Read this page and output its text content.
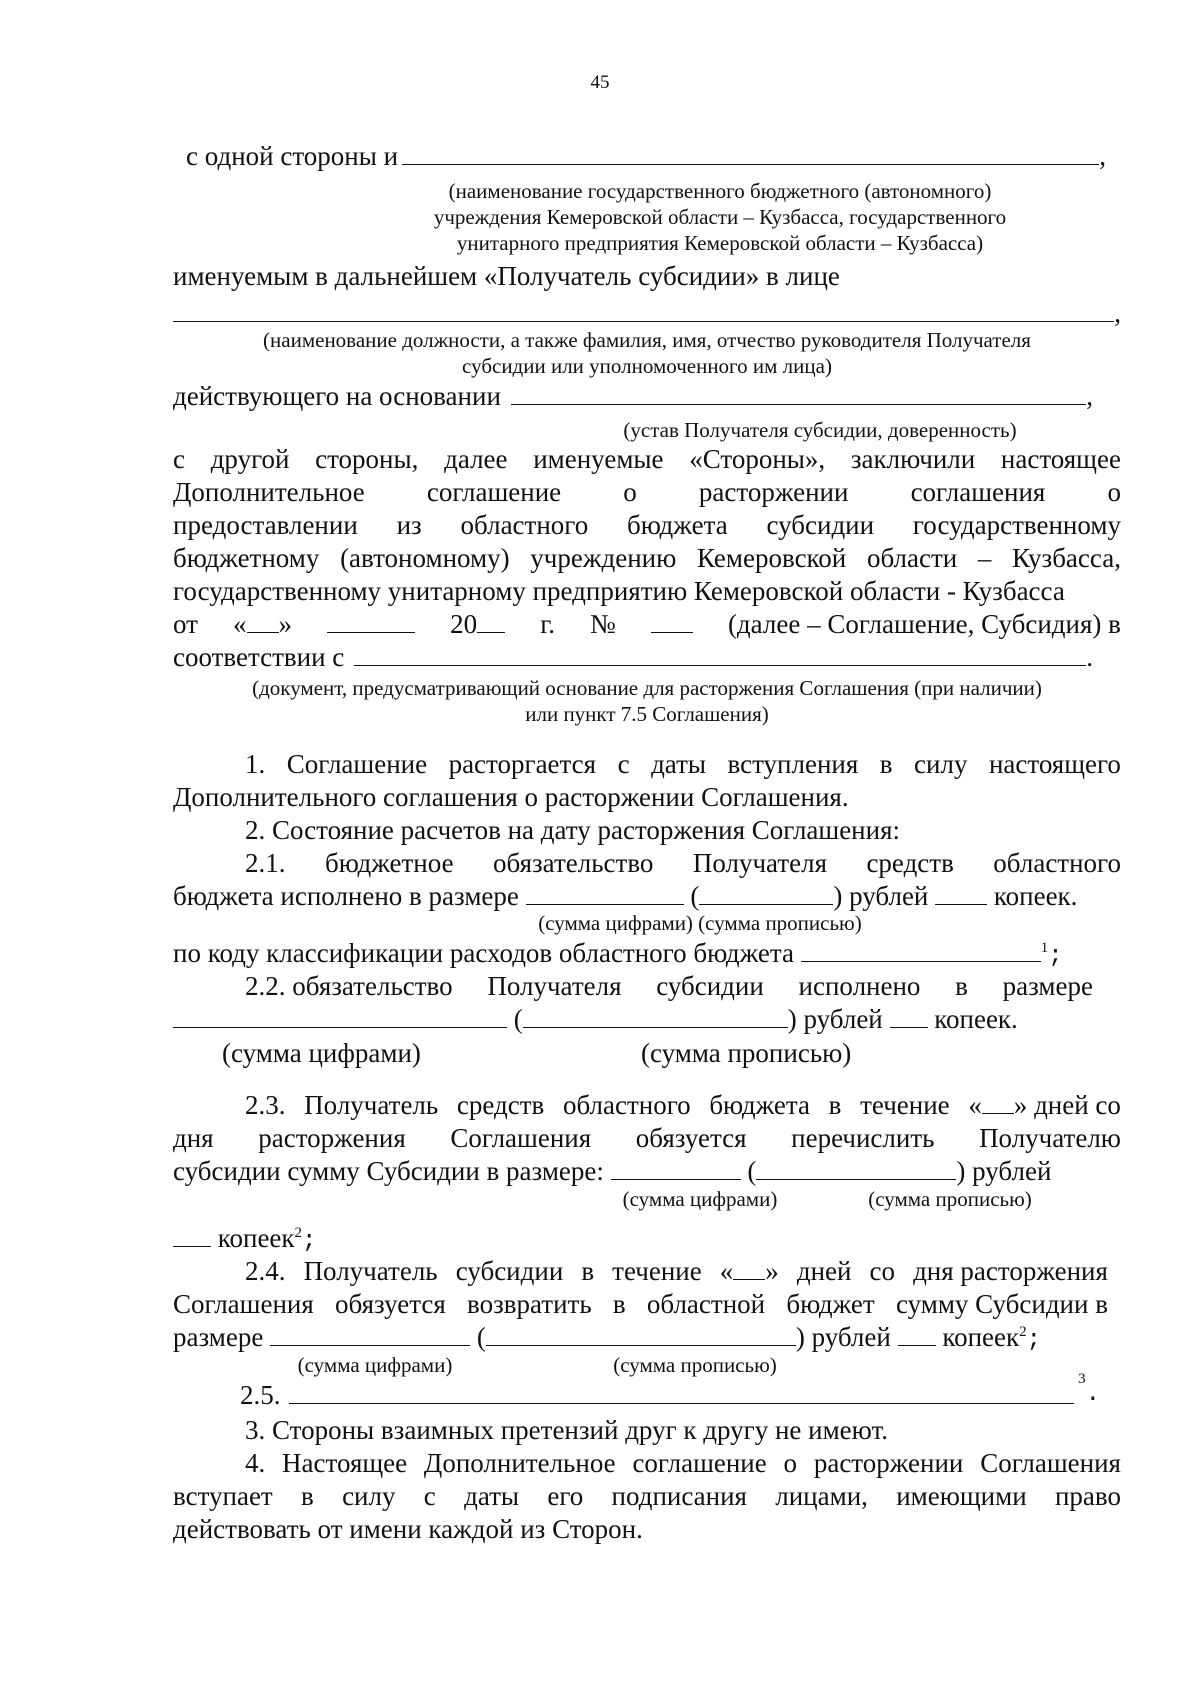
45
с одной стороны и	,
(наименование государственного бюджетного (автономного)
учреждения Кемеровской области – Кузбасса, государственного
унитарного предприятия Кемеровской области – Кузбасса)
именуемым в дальнейшем «Получатель субсидии» в лице
,
(наименование должности, а также фамилия, имя, отчество руководителя Получателя
субсидии или уполномоченного им лица)
действующего на основании	,
(устав Получателя субсидии, доверенность)
с другой стороны, далее именуемые «Стороны», заключили настоящее
Дополнительное соглашение о расторжении соглашения о
предоставлении из областного бюджета субсидии государственному
бюджетному (автономному) учреждению Кемеровской области – Кузбасса,
государственному унитарному предприятию Кемеровской области - Кузбасса
от « »	20	г. №	(далее – Соглашение, Субсидия) в
соответствии с	.
(документ, предусматривающий основание для расторжения Соглашения (при наличии)
или пункт 7.5 Соглашения)
1. Соглашение расторгается с даты вступления в силу настоящего
Дополнительного соглашения о расторжении Соглашения.
2. Состояние расчетов на дату расторжения Соглашения:
2.1. бюджетное обязательство Получателя средств областного
бюджета исполнено в размере	(	) рублей копеек.
(сумма цифрами) (сумма прописью)
по коду классификации расходов областного бюджета	$^1$;
2.2. обязательство Получателя субсидии исполнено в размере
(	) рублей копеек.
(сумма цифрами)	(сумма прописью)
2.3. Получатель средств областного бюджета в течение « » дней со
дня расторжения Соглашения обязуется перечислить Получателю
субсидии сумму Субсидии в размере:	(	) рублей
(сумма цифрами)	(сумма прописью)
копеек$^2$;
2.4. Получатель субсидии в течение « » дней со дня расторжения
Соглашения обязуется возвратить в областной бюджет сумму Субсидии в
размере	(	) рублей копеек$^2$;
(сумма цифрами)	(сумма прописью)
2.5.
3
.
3. Стороны взаимных претензий друг к другу не имеют.
4. Настоящее Дополнительное соглашение о расторжении Соглашения
вступает в силу с даты его подписания лицами, имеющими право
действовать от имени каждой из Сторон.
